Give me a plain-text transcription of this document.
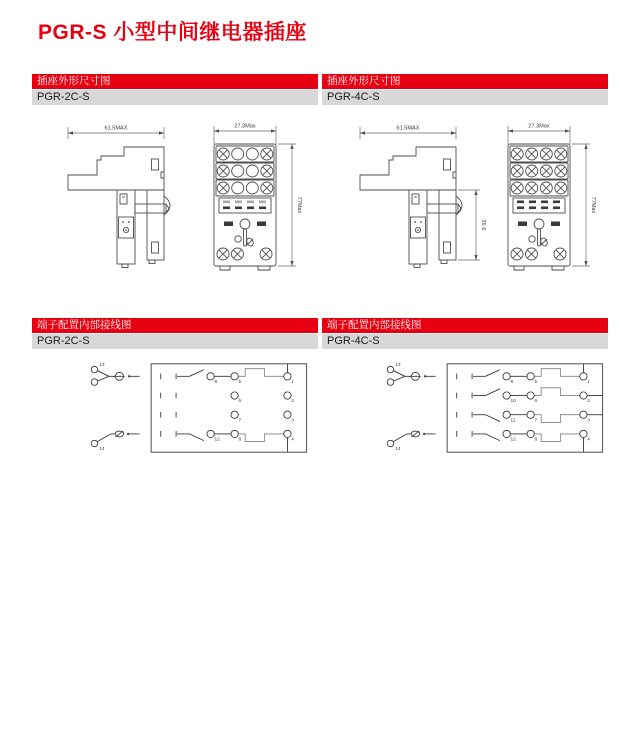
PGR-S 小型中间继电器插座
插座外形尺寸图
PGR-2C-S
插座外形尺寸图
PGR-4C-S
61.5MAX	27.3Max
77Max
61.5MAX
35.6
27.3Max
77Max
端子配置内部接线图
PGR-2C-S
端子配置内部接线图
PGR-4C-S
13
14
9	5	1
6	2
7	3
12	8	4
13
14
9	5	1
10	6	2
11	7	3
12	8	4
